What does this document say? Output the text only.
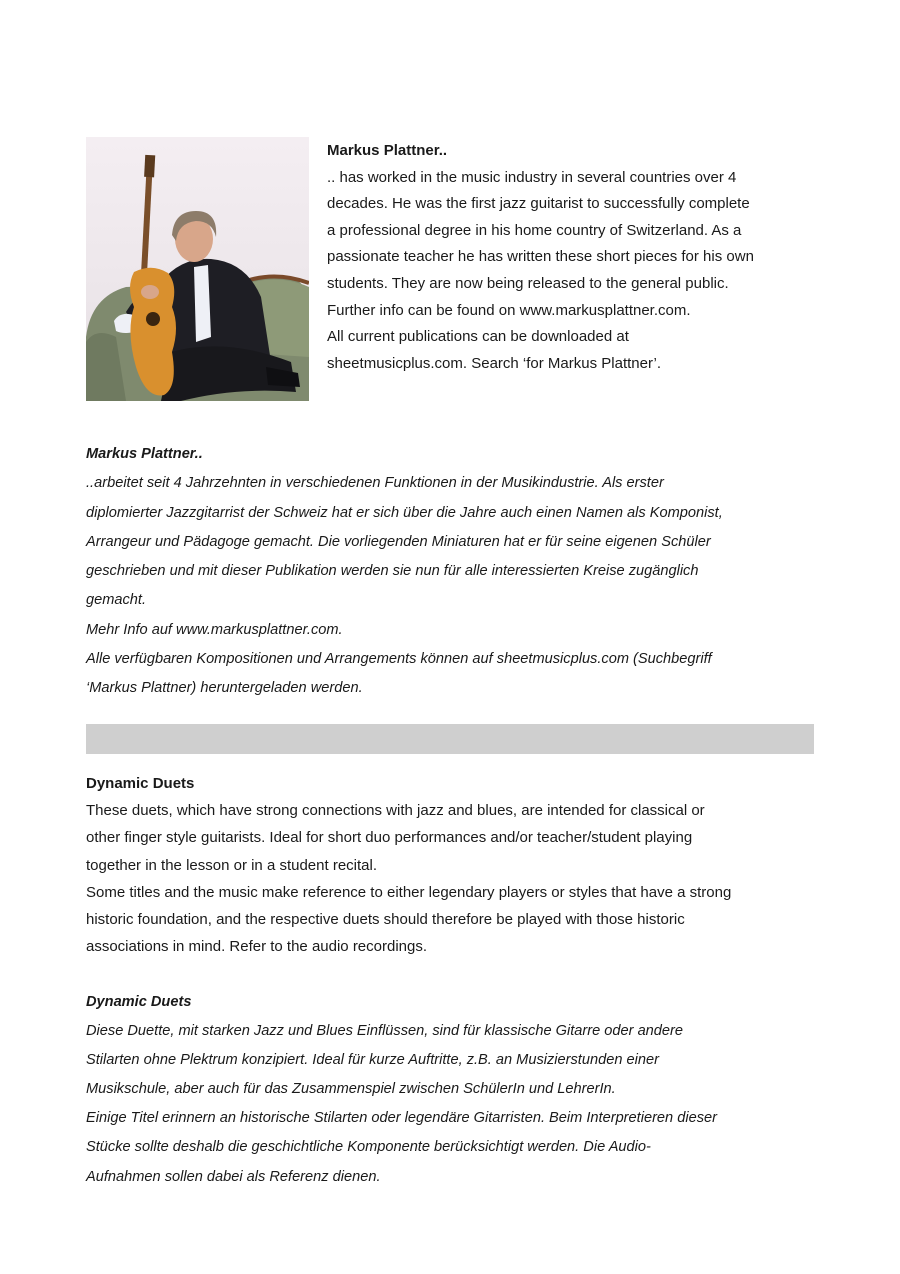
Markus Plattner..

.. has worked in the music industry in several countries over 4

decades. He was the first jazz guitarist to successfully complete

a professional degree in his home country of Switzerland. As a

passionate teacher he has written these short pieces for his own

students. They are now being released to the general public.

Further info can be found on www.markusplattner.com.

All current publications can be downloaded at

sheetmusicplus.com. Search ‘for Markus Plattner’.

Markus Plattner..

..arbeitet seit 4 Jahrzehnten in verschiedenen Funktionen in der Musikindustrie. Als erster

diplomierter Jazzgitarrist der Schweiz hat er sich über die Jahre auch einen Namen als Komponist,

Arrangeur und Pädagoge gemacht. Die vorliegenden Miniaturen hat er für seine eigenen Schüler

geschrieben und mit dieser Publikation werden sie nun für alle interessierten Kreise zugänglich

gemacht.

Mehr Info auf www.markusplattner.com.

Alle verfügbaren Kompositionen und Arrangements können auf sheetmusicplus.com (Suchbegriff

‘Markus Plattner) heruntergeladen werden.

Dynamic Duets

These duets, which have strong connections with jazz and blues, are intended for classical or

other finger style guitarists. Ideal for short duo performances and/or teacher/student playing

together in the lesson or in a student recital.

Some titles and the music make reference to either legendary players or styles that have a strong

historic foundation, and the respective duets should therefore be played with those historic

associations in mind. Refer to the audio recordings.

Dynamic Duets

Diese Duette, mit starken Jazz und Blues Einflüssen, sind für klassische Gitarre oder andere

Stilarten ohne Plektrum konzipiert. Ideal für kurze Auftritte, z.B. an Musizierstunden einer

Musikschule, aber auch für das Zusammenspiel zwischen SchülerIn und LehrerIn.

Einige Titel erinnern an historische Stilarten oder legendäre Gitarristen. Beim Interpretieren dieser

Stücke sollte deshalb die geschichtliche Komponente berücksichtigt werden. Die Audio-

Aufnahmen sollen dabei als Referenz dienen.
